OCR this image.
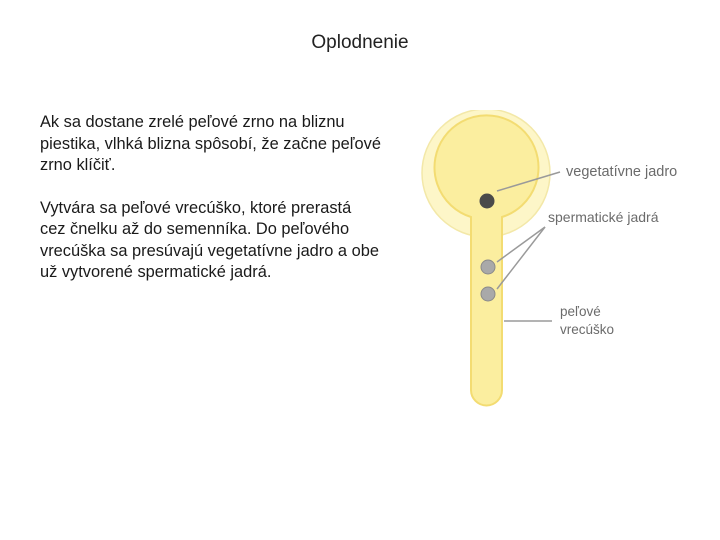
Oplodnenie

Ak sa dostane zrelé peľové zrno na bliznu
piestika, vlhká blizna spôsobí, že začne peľové
zrno klíčiť.

Vytvára sa peľové vrecúško, ktoré prerastá
cez čnelku až do semenníka. Do peľového
vrecúška sa presúvajú vegetatívne jadro a obe
už vytvorené spermatické jadrá.

vegetatívne jadro
spermatické jadrá
peľové
vrecúško
